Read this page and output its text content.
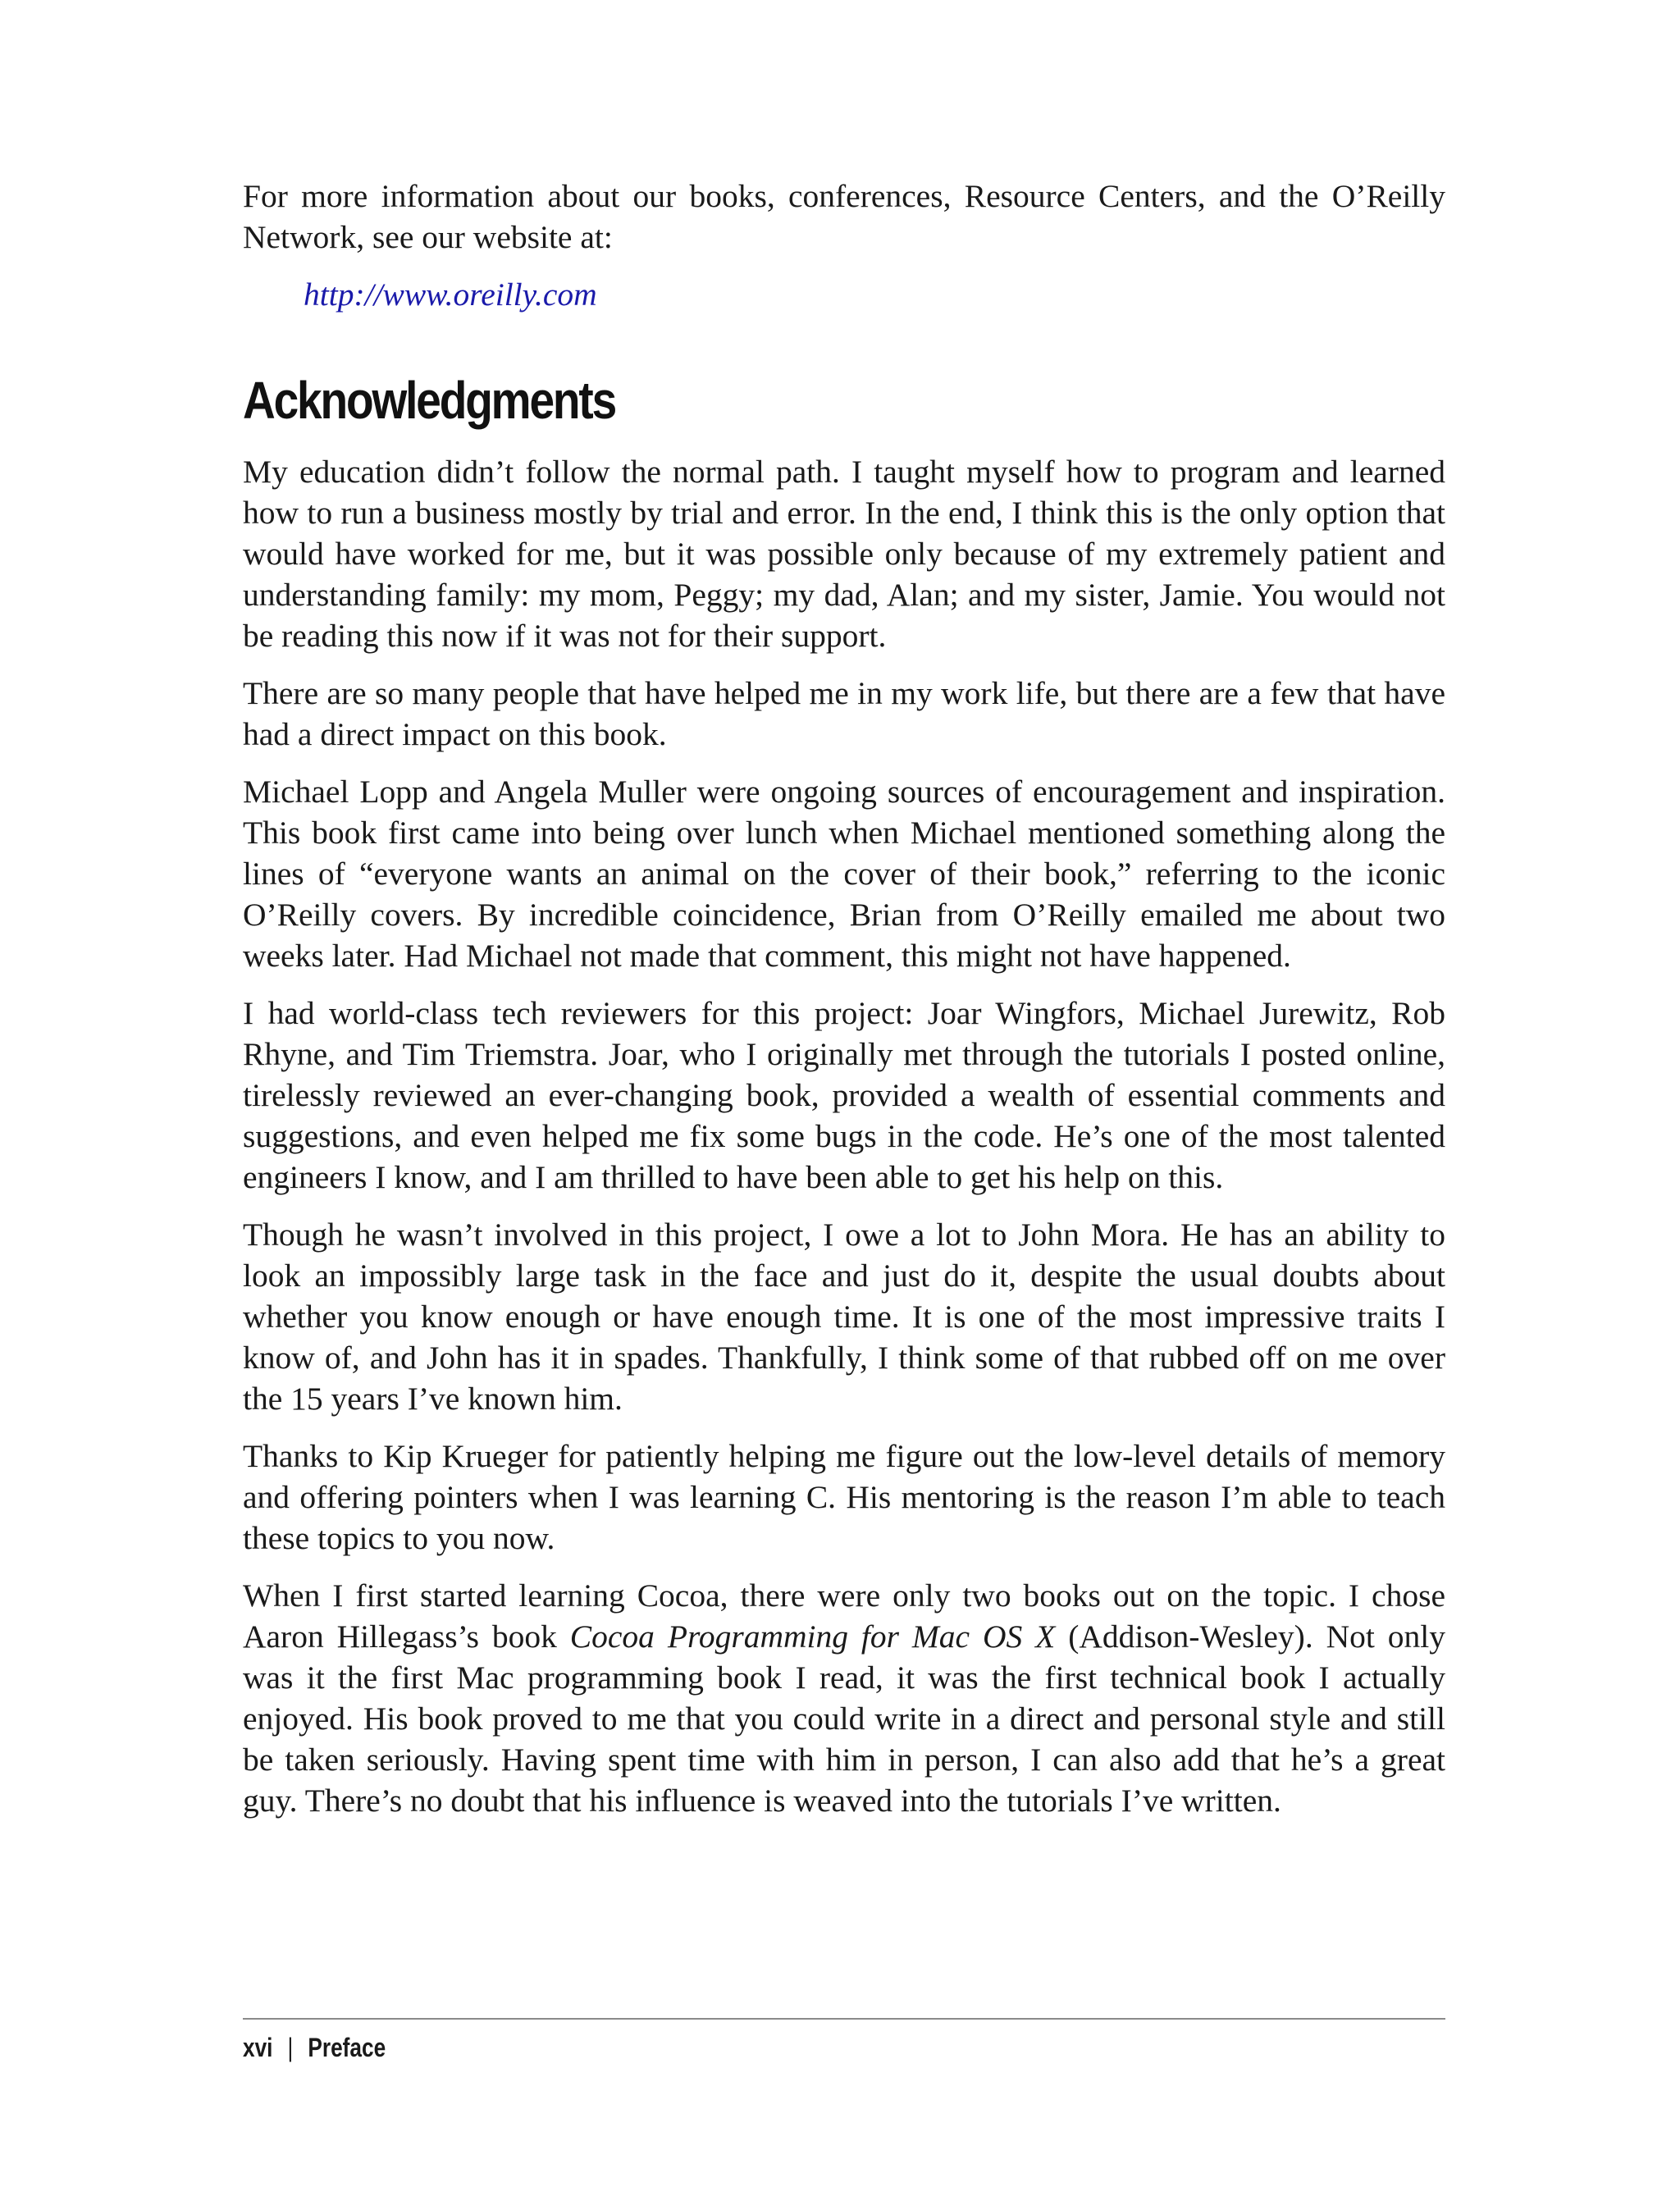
For more information about our books, conferences, Resource Centers, and the O’Reilly Network, see our website at:

http://www.oreilly.com

Acknowledgments

My education didn’t follow the normal path. I taught myself how to program and learned how to run a business mostly by trial and error. In the end, I think this is the only option that would have worked for me, but it was possible only because of my extremely patient and understanding family: my mom, Peggy; my dad, Alan; and my sister, Jamie. You would not be reading this now if it was not for their support.

There are so many people that have helped me in my work life, but there are a few that have had a direct impact on this book.

Michael Lopp and Angela Muller were ongoing sources of encouragement and inspiration. This book first came into being over lunch when Michael mentioned something along the lines of “everyone wants an animal on the cover of their book,” referring to the iconic O’Reilly covers. By incredible coincidence, Brian from O’Reilly emailed me about two weeks later. Had Michael not made that comment, this might not have happened.

I had world-class tech reviewers for this project: Joar Wingfors, Michael Jurewitz, Rob Rhyne, and Tim Triemstra. Joar, who I originally met through the tutorials I posted online, tirelessly reviewed an ever-changing book, provided a wealth of essential comments and suggestions, and even helped me fix some bugs in the code. He’s one of the most talented engineers I know, and I am thrilled to have been able to get his help on this.

Though he wasn’t involved in this project, I owe a lot to John Mora. He has an ability to look an impossibly large task in the face and just do it, despite the usual doubts about whether you know enough or have enough time. It is one of the most impressive traits I know of, and John has it in spades. Thankfully, I think some of that rubbed off on me over the 15 years I’ve known him.

Thanks to Kip Krueger for patiently helping me figure out the low-level details of memory and offering pointers when I was learning C. His mentoring is the reason I’m able to teach these topics to you now.

When I first started learning Cocoa, there were only two books out on the topic. I chose Aaron Hillegass’s book Cocoa Programming for Mac OS X (Addison-Wesley). Not only was it the first Mac programming book I read, it was the first technical book I actually enjoyed. His book proved to me that you could write in a direct and personal style and still be taken seriously. Having spent time with him in person, I can also add that he’s a great guy. There’s no doubt that his influence is weaved into the tutorials I’ve written.

xvi | Preface
